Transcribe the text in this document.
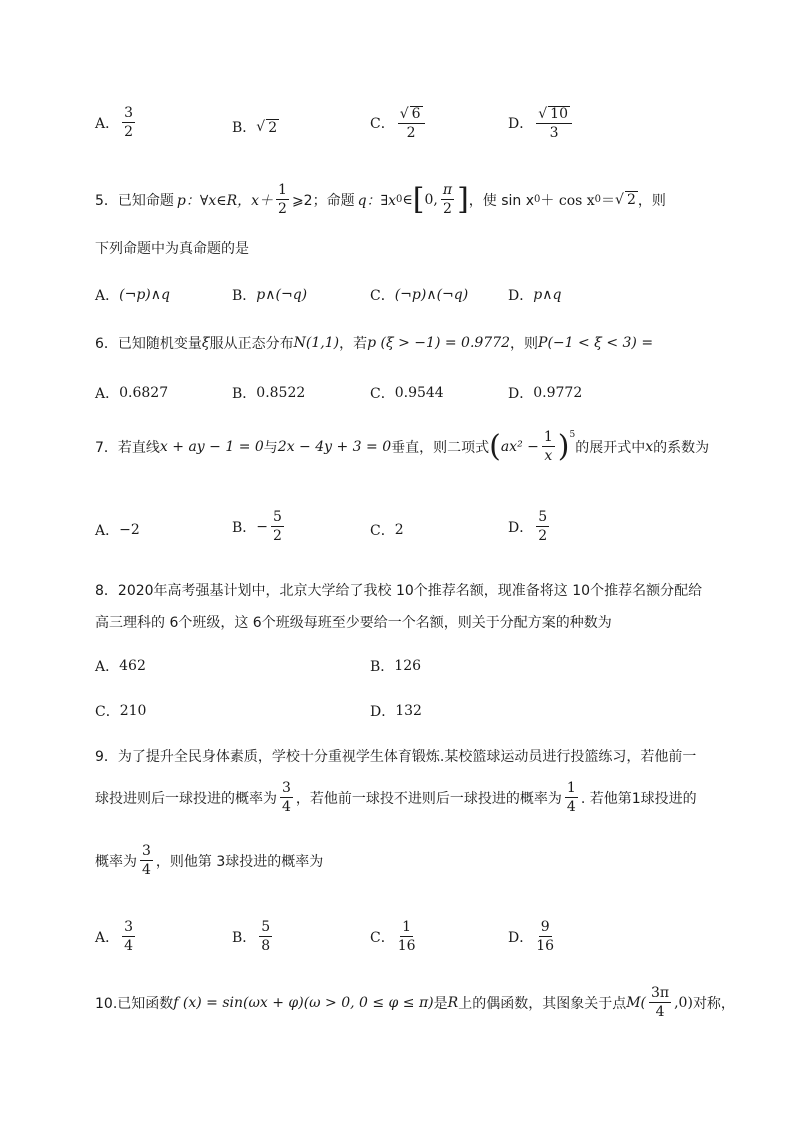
A． $\frac{3}{2}$	B． √ 2	C． $\frac{√ 6}{2}$	D． $\frac{√ 10}{3}$
5．已知命题 p：∀x∈R，$x+ \frac{1}{2}$ ⩾2；命题 q：∃x 0 ∈ [ 0, $\frac{\pi}{2}$ ] ，使 sin x 0 ＋ cos x 0 ＝ √ 2 ，则
下列命题中为真命题的是
A． (¬p)∧q	B． p∧(¬q)	C． (¬p)∧(¬q)	D． p∧q
6．已知随机变量 ξ 服从正态分布 N(1,1) ，若 p (ξ > −1) = 0.9772 ，则 P(−1 < ξ < 3) =
A． 0.6827	B． 0.8522	C． 0.9544	D． 0.9772
7．若直线 x + ay − 1 = 0 与 2x − 4y + 3 = 0 垂直，则二项式 ( $ax^2 - \frac{1}{x} )^5$
的展开式中 x 的系数为
A． −2	B． − $\frac{5}{2}$	C． 2	D． $\frac{5}{2}$
8．2020年高考强基计划中，北京大学给了我校 10个推荐名额，现准备将这 10个推荐名额分配给
高三理科的 6个班级，这 6个班级每班至少要给一个名额，则关于分配方案的种数为
A． 462	B． 126
C． 210	D． 132
9．为了提升全民身体素质，学校十分重视学生体育锻炼.某校篮球运动员进行投篮练习，若他前一
球投进则后一球投进的概率为 $\frac{3}{4}$ ，若他前一球投不进则后一球投进的概率为 $\frac{1}{4}$ . 若他第1球投进的
概率为 $\frac{3}{4}$ ，则他第 3球投进的概率为
A． $\frac{3}{4}$	B． $\frac{5}{8}$	C． $\frac{1}{16}$	D． $\frac{9}{16}$
10.已知函数 f (x) = sin(ωx + φ)(ω > 0, 0 ≤ φ ≤ π) 是 R 上的偶函数，其图象关于点 $M( \frac{3\pi}{4} ,0)$ 对称，
